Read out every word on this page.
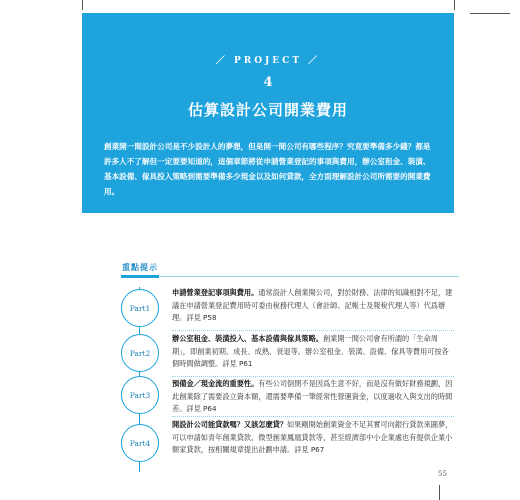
／ PROJECT ／
4
估算設計公司開業費用
創業開一間設計公司是不少設計人的夢想，但是開一間公司有哪些程序？究竟要準備多少錢？都是許多人不了解但一定要要知道的，這個章節將從申請營業登記的事項與費用，辦公室租金、裝潢、基本設備、傢具投入策略到需要準備多少現金以及如何貸款，全方面理解設計公司所需要的開業費用。
重點提示
Part1
申請營業登記事項與費用。通常設計人創業開公司，對於財務、法律的知識相對不足，建議在申請營業登記費用時可委由稅務代理人（會計師、記帳士及報稅代理人等）代爲辦理。詳見 P58
Part2
辦公室租金、裝潢投入、基本設備與傢具策略。創業開一間公司會有所謂的「生命周期」，即創業初期、成長、成熟、衰退等。辦公室租金、裝潢、設備、傢具等費用可按各個時間做調整。詳見 P61
Part3
預備金／現金流的重要性。有些公司倒閉不是因爲生意不好，而是沒有做好財務規劃，因此創業除了需要設立資本額，還需要準備一筆經常性營運資金，以度過收入與支出的時間差。詳見 P64
Part4
開設計公司能貸款嗎？又該怎麼貸？如果剛開始創業資金不足其實可向銀行貸款來圓夢，可以申請如青年創業貸款、微型創業鳳凰貸款等，甚至經濟部中小企業處也有提供企業小額家貸款，按相關規章提出計劃申請。詳見 P67
55
